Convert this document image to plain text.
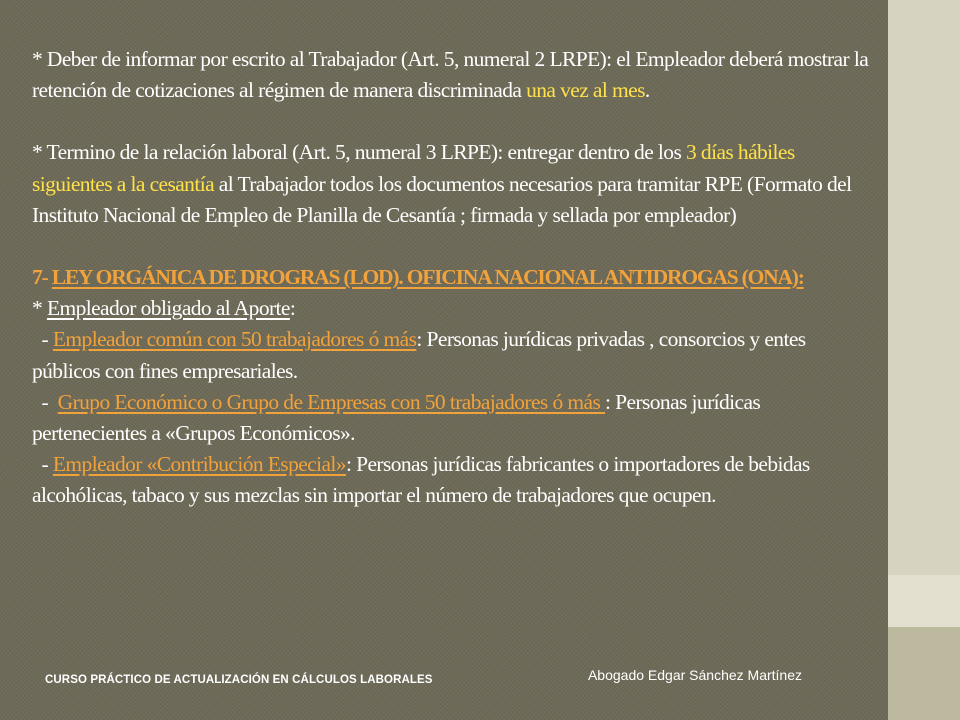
* Deber de informar por escrito al Trabajador (Art. 5, numeral 2 LRPE): el Empleador deberá mostrar la retención de cotizaciones al régimen de manera discriminada una vez al mes.

* Termino de la relación laboral (Art. 5, numeral 3 LRPE): entregar dentro de los 3 días hábiles siguientes a la cesantía al Trabajador todos los documentos necesarios para tramitar RPE (Formato del Instituto Nacional de Empleo de Planilla de Cesantía ; firmada y sellada por empleador)

7- LEY ORGÁNICA DE DROGRAS (LOD). OFICINA NACIONAL ANTIDROGAS (ONA):

* Empleador obligado al Aporte:

- Empleador común con 50 trabajadores ó más: Personas jurídicas privadas , consorcios y entes públicos con fines empresariales.

-  Grupo Económico o Grupo de Empresas con 50 trabajadores ó más : Personas jurídicas pertenecientes a «Grupos Económicos».

- Empleador «Contribución Especial»: Personas jurídicas fabricantes o importadores de bebidas alcohólicas, tabaco y sus mezclas sin importar el número de trabajadores que ocupen.

CURSO PRÁCTICO DE ACTUALIZACIÓN EN CÁLCULOS LABORALES	Abogado Edgar Sánchez Martínez
